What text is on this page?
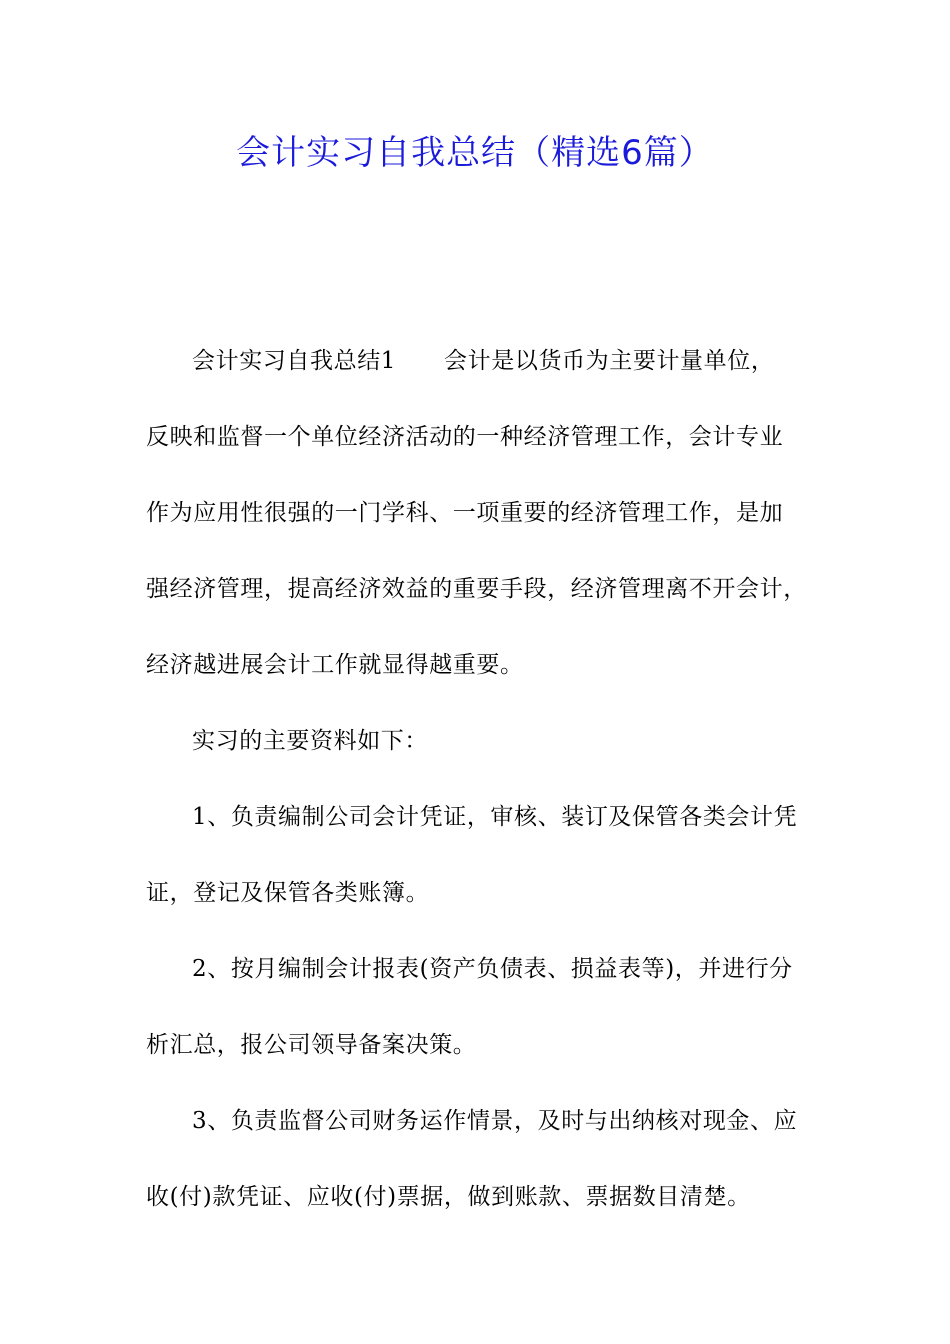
会计实习自我总结（精选6篇）
会计实习自我总结1 会计是以货币为主要计量单位，
反映和监督一个单位经济活动的一种经济管理工作，会计专业
作为应用性很强的一门学科、一项重要的经济管理工作，是加
强经济管理，提高经济效益的重要手段，经济管理离不开会计，
经济越进展会计工作就显得越重要。
实习的主要资料如下：
1、负责编制公司会计凭证，审核、装订及保管各类会计凭
证，登记及保管各类账簿。
2、按月编制会计报表(资产负债表、损益表等)，并进行分
析汇总，报公司领导备案决策。
3、负责监督公司财务运作情景，及时与出纳核对现金、应
收(付)款凭证、应收(付)票据，做到账款、票据数目清楚。
